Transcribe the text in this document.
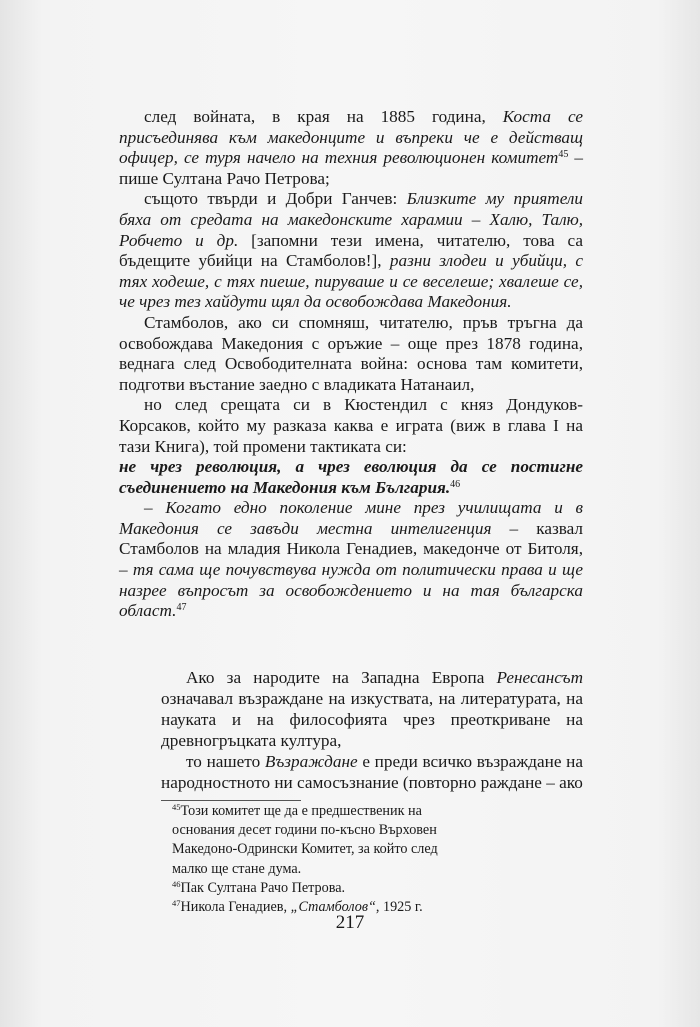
след войната, в края на 1885 година, Коста се присъединява към македонците и въпреки че е действащ офицер, се туря начело на техния революционен комитет$^{45}$ – пише Султана Рачо Петрова;

същото твърди и Добри Ганчев: Близките му приятели бяха от средата на македонските харамии – Халю, Талю, Робчето и др. [запомни тези имена, читателю, това са бъдещите убийци на Стамболов!], разни злодеи и убийци, с тях ходеше, с тях пиеше, пируваше и се веселеше; хвалеше се, че чрез тез хайдути щял да освобождава Македония.

Стамболов, ако си спомняш, читателю, пръв тръгна да освобождава Македония с оръжие – още през 1878 година, веднага след Освободителната война: основа там комитети, подготви въстание заедно с владиката Натанаил,

но след срещата си в Кюстендил с княз Дондуков-Корсаков, който му разказа каква е играта (виж в глава I на тази Книга), той промени тактиката си:

не чрез революция, а чрез еволюция да се постигне съединението на Македония към България.$^{46}$

– Когато едно поколение мине през училищата и в Македония се завъди местна интелигенция – казвал Стамболов на младия Никола Генадиев, македонче от Битоля, – тя сама ще почувствува нужда от политически права и ще назрее въпросът за освобождението и на тая българска област.$^{47}$

Ако за народите на Западна Европа Ренесансът означавал възраждане на изкуствата, на литературата, на науката и на философията чрез преоткриване на древногръцката култура,

то нашето Възраждане е преди всичко възраждане на народностното ни самосъзнание (повторно раждане – ако

$^{45}$Този комитет ще да е предшественик на основания десет години по-късно Върховен Македоно-Одрински Комитет, за който след малко ще стане дума.

$^{46}$Пак Султана Рачо Петрова.

$^{47}$Никола Генадиев, „Стамболов“, 1925 г.

217
